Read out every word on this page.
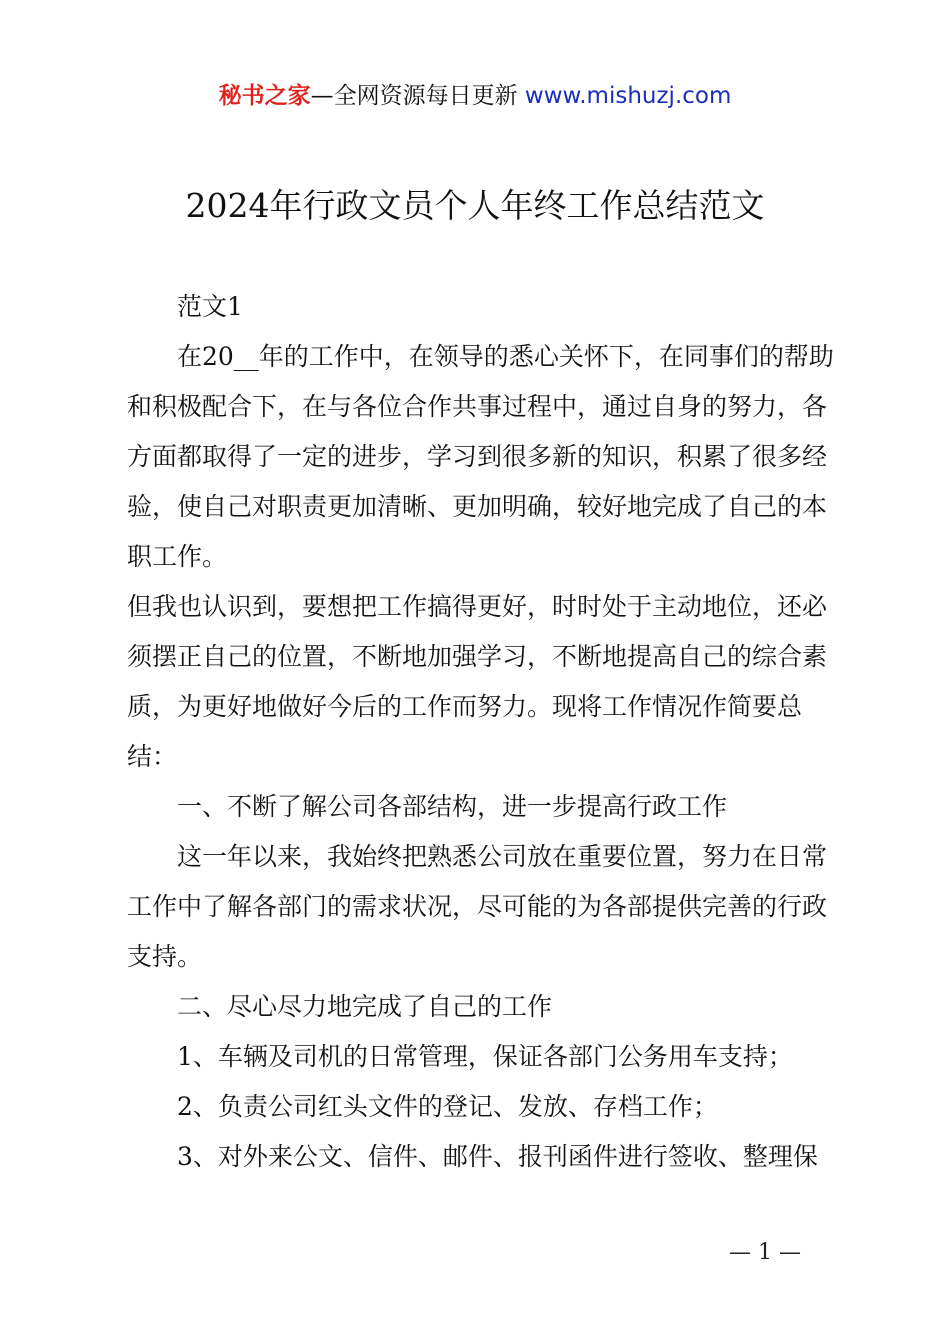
秘书之家—全网资源每日更新 www.mishuzj.com
2024年行政文员个人年终工作总结范文

范文1

在20__年的工作中，在领导的悉心关怀下，在同事们的帮助和积极配合下，在与各位合作共事过程中，通过自身的努力，各方面都取得了一定的进步，学习到很多新的知识，积累了很多经验，使自己对职责更加清晰、更加明确，较好地完成了自己的本职工作。

但我也认识到，要想把工作搞得更好，时时处于主动地位，还必须摆正自己的位置，不断地加强学习，不断地提高自己的综合素质，为更好地做好今后的工作而努力。现将工作情况作简要总结：

一、不断了解公司各部结构，进一步提高行政工作

这一年以来，我始终把熟悉公司放在重要位置，努力在日常工作中了解各部门的需求状况，尽可能的为各部提供完善的行政支持。

二、尽心尽力地完成了自己的工作

1、车辆及司机的日常管理，保证各部门公务用车支持；

2、负责公司红头文件的登记、发放、存档工作；

3、对外来公文、信件、邮件、报刊函件进行签收、整理保

— 1 —
